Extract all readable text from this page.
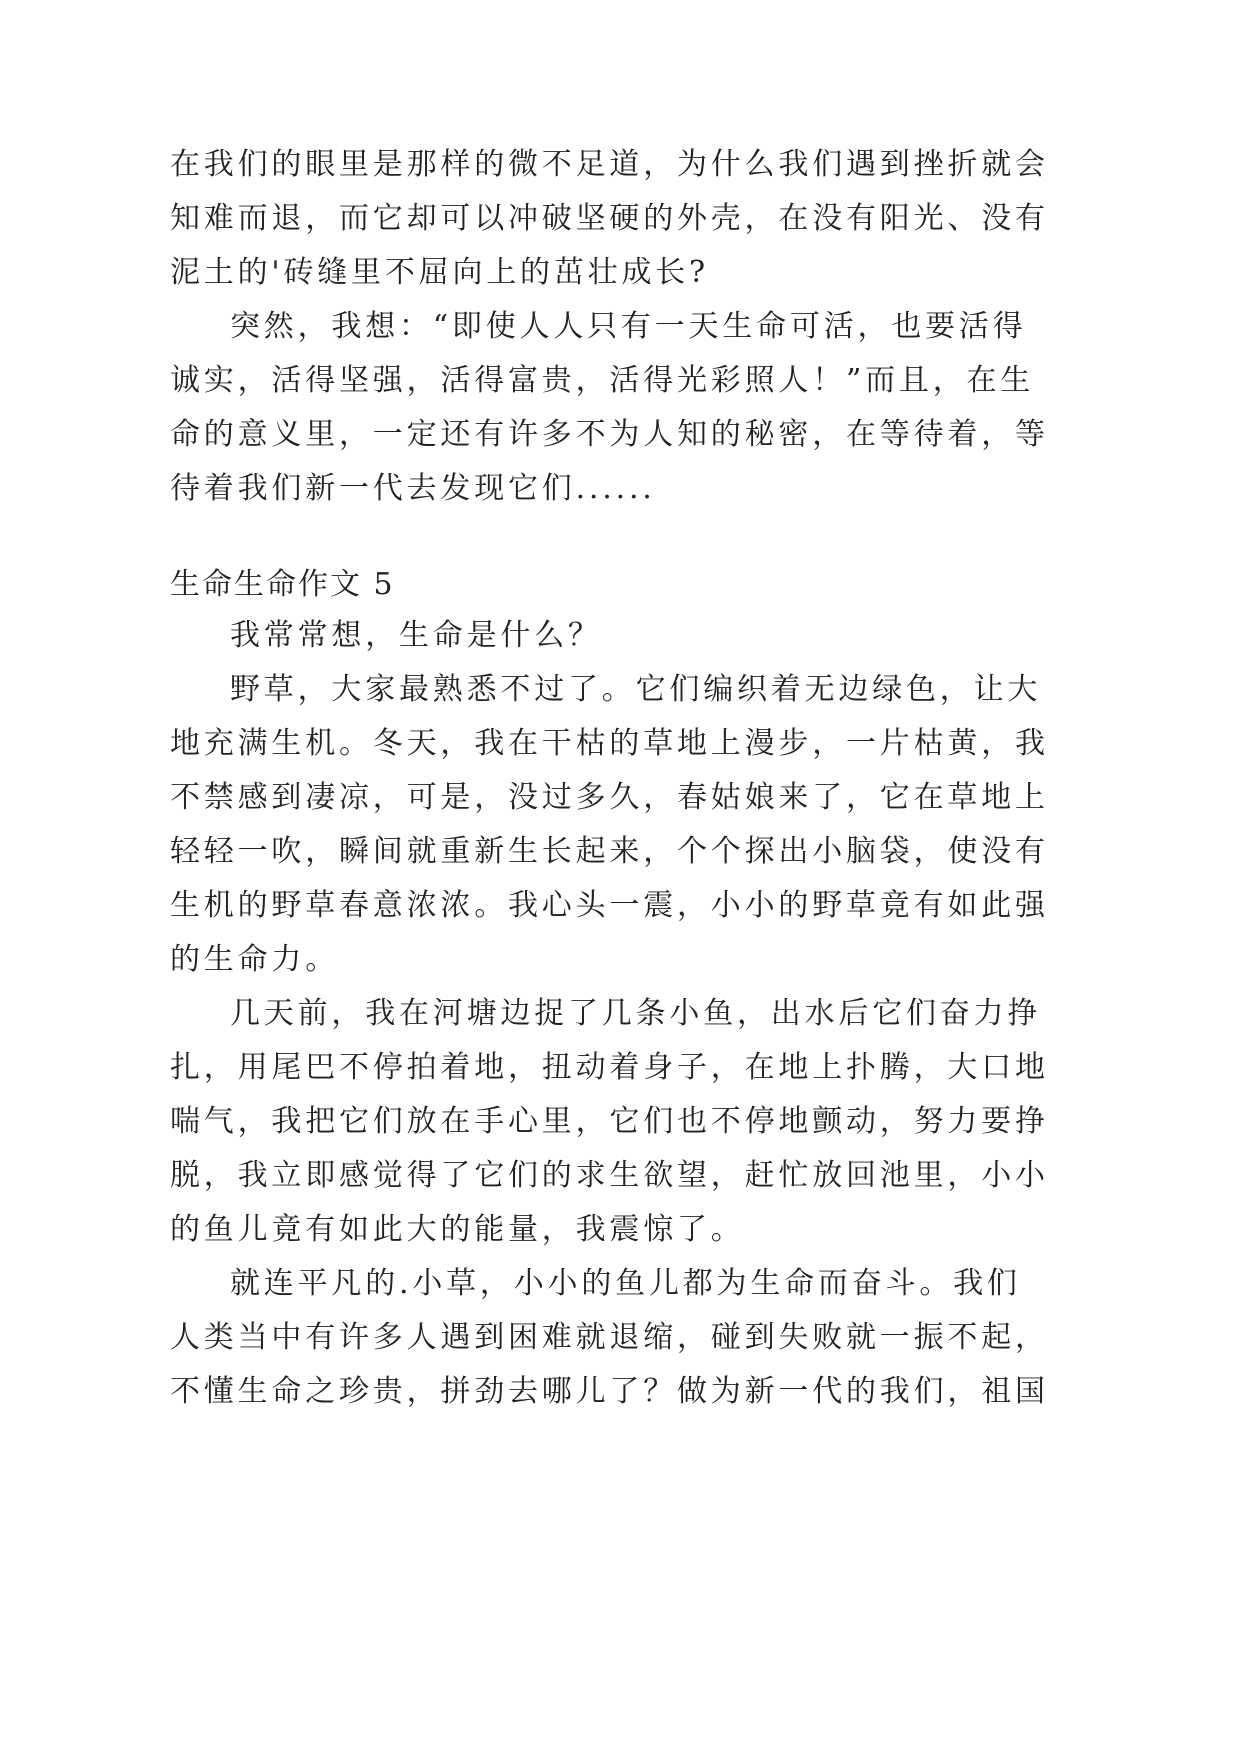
在我们的眼里是那样的微不足道，为什么我们遇到挫折就会
知难而退，而它却可以冲破坚硬的外壳，在没有阳光、没有
泥土的'砖缝里不屈向上的茁壮成长?
突然，我想：“即使人人只有一天生命可活，也要活得
诚实，活得坚强，活得富贵，活得光彩照人！”而且，在生
命的意义里，一定还有许多不为人知的秘密，在等待着，等
待着我们新一代去发现它们......
生命生命作文 5
我常常想，生命是什么？
野草，大家最熟悉不过了。它们编织着无边绿色，让大
地充满生机。冬天，我在干枯的草地上漫步，一片枯黄，我
不禁感到凄凉，可是，没过多久，春姑娘来了，它在草地上
轻轻一吹，瞬间就重新生长起来，个个探出小脑袋，使没有
生机的野草春意浓浓。我心头一震，小小的野草竟有如此强
的生命力。
几天前，我在河塘边捉了几条小鱼，出水后它们奋力挣
扎，用尾巴不停拍着地，扭动着身子，在地上扑腾，大口地
喘气，我把它们放在手心里，它们也不停地颤动，努力要挣
脱，我立即感觉得了它们的求生欲望，赶忙放回池里，小小
的鱼儿竟有如此大的能量，我震惊了。
就连平凡的.小草，小小的鱼儿都为生命而奋斗。我们
人类当中有许多人遇到困难就退缩，碰到失败就一振不起，
不懂生命之珍贵，拼劲去哪儿了？做为新一代的我们，祖国
